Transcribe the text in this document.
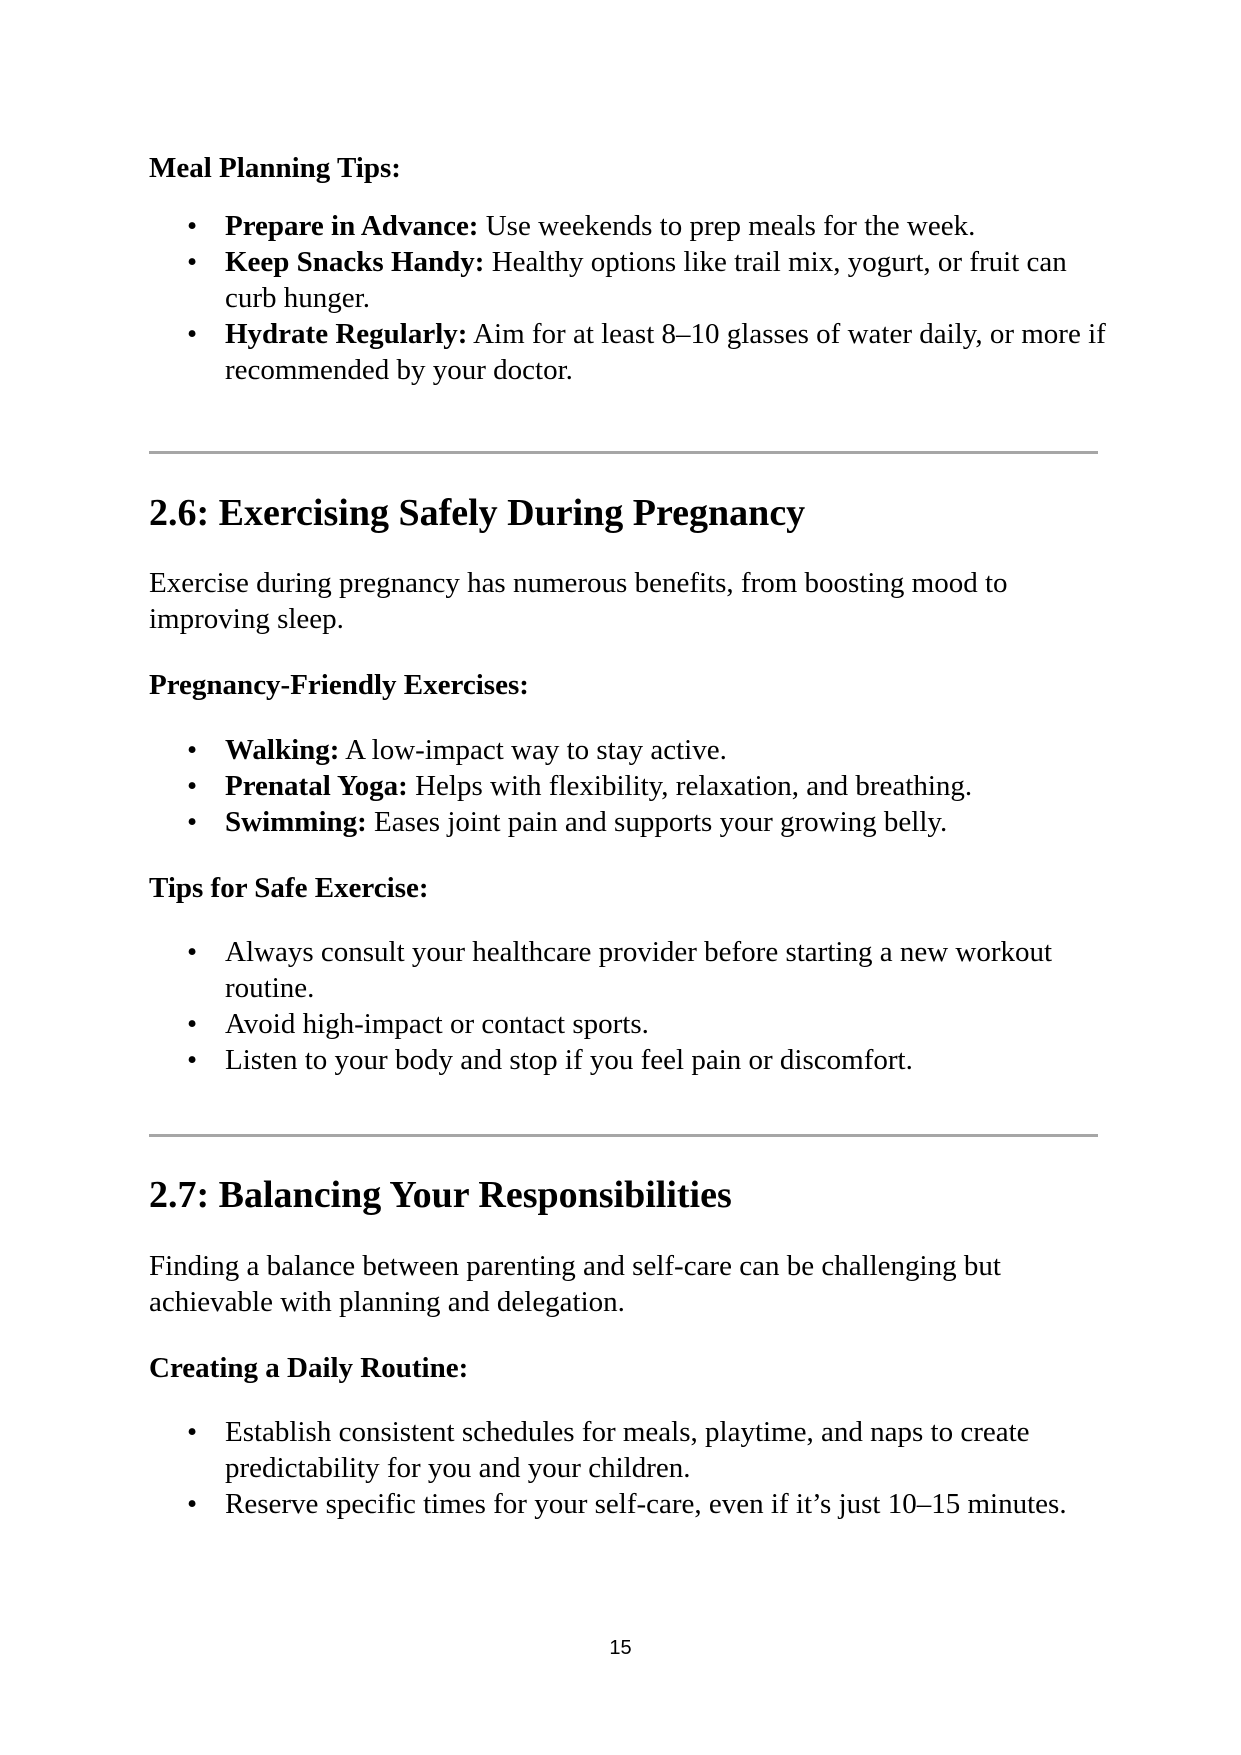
Meal Planning Tips:

• Prepare in Advance: Use weekends to prep meals for the week.
• Keep Snacks Handy: Healthy options like trail mix, yogurt, or fruit can curb hunger.
• Hydrate Regularly: Aim for at least 8–10 glasses of water daily, or more if recommended by your doctor.
2.6: Exercising Safely During Pregnancy

Exercise during pregnancy has numerous benefits, from boosting mood to improving sleep.

Pregnancy-Friendly Exercises:

• Walking: A low-impact way to stay active.
• Prenatal Yoga: Helps with flexibility, relaxation, and breathing.
• Swimming: Eases joint pain and supports your growing belly.

Tips for Safe Exercise:

• Always consult your healthcare provider before starting a new workout routine.
• Avoid high-impact or contact sports.
• Listen to your body and stop if you feel pain or discomfort.
2.7: Balancing Your Responsibilities

Finding a balance between parenting and self-care can be challenging but achievable with planning and delegation.

Creating a Daily Routine:

• Establish consistent schedules for meals, playtime, and naps to create predictability for you and your children.
• Reserve specific times for your self-care, even if it’s just 10–15 minutes.
15
